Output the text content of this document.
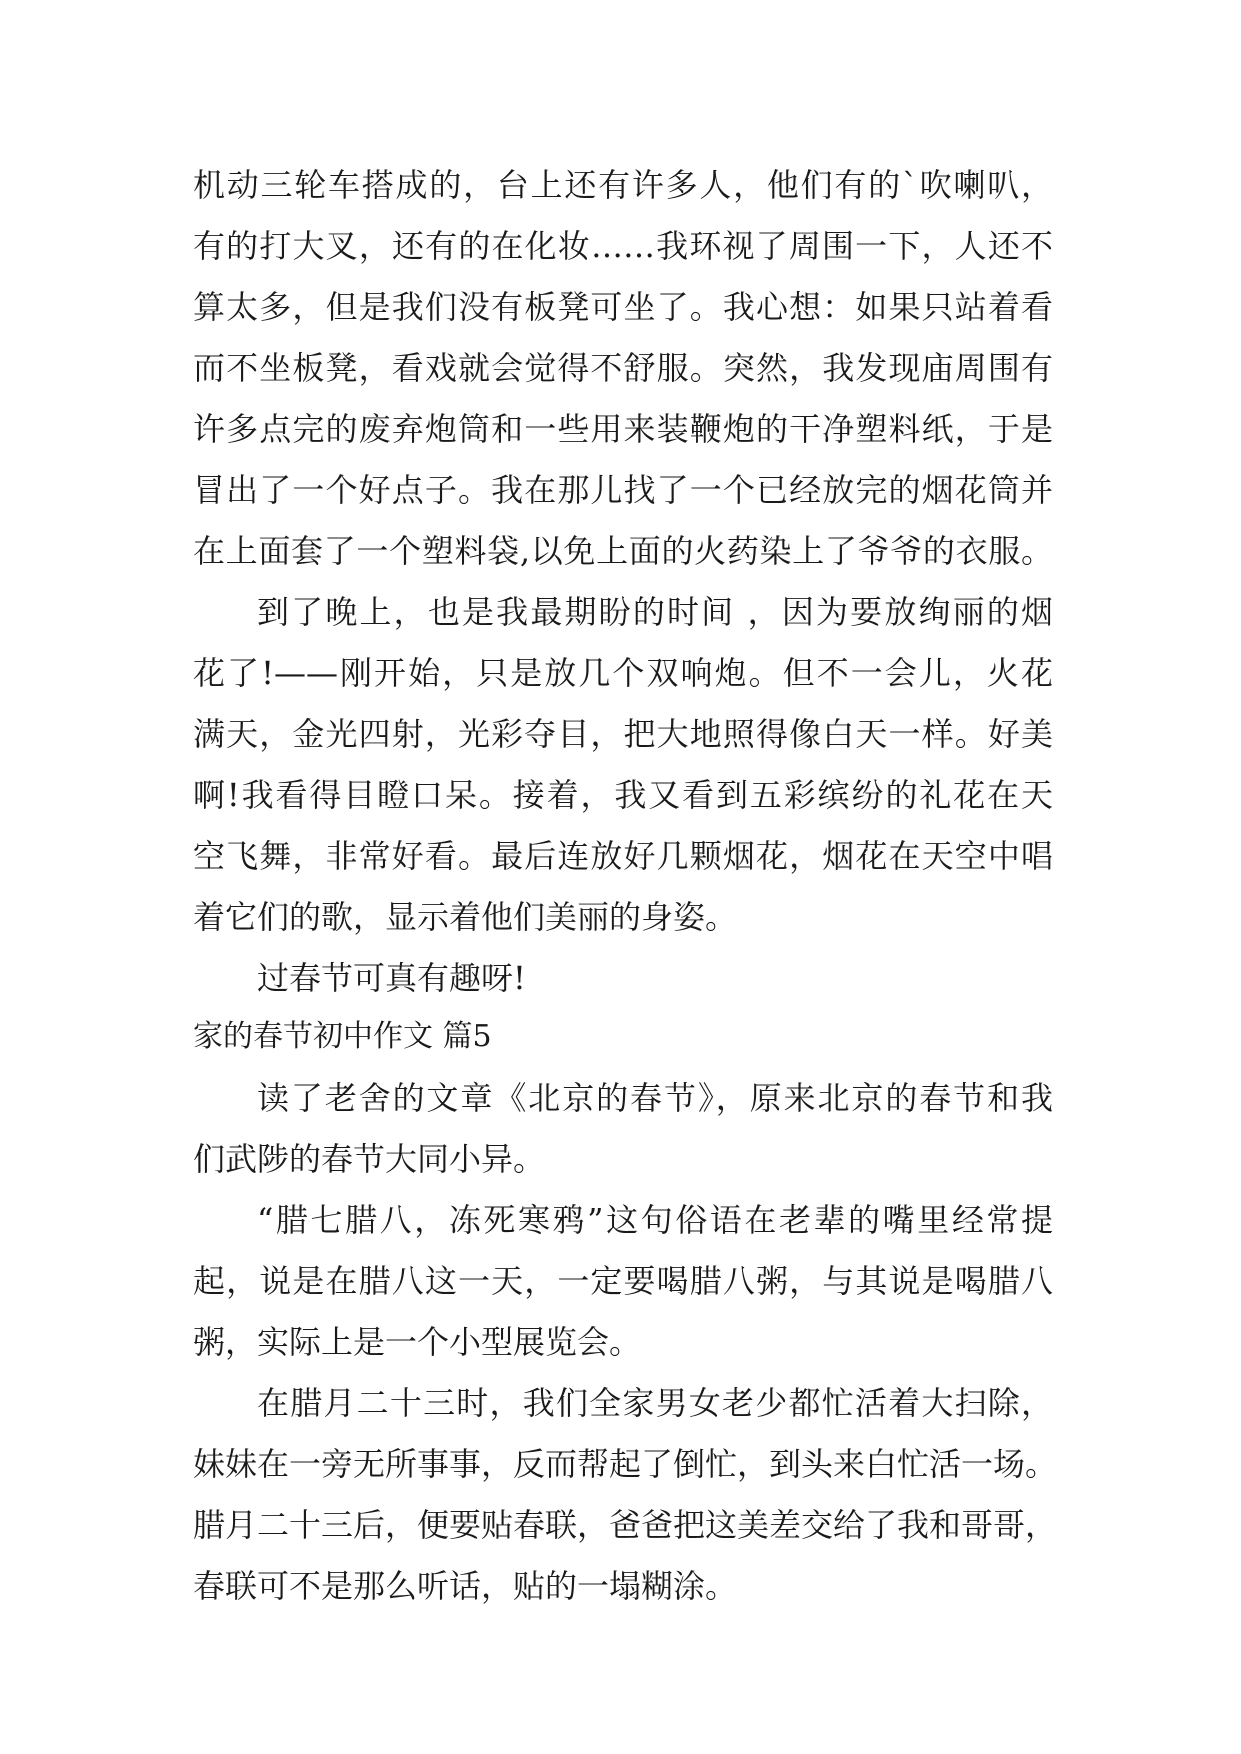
机动三轮车搭成的，台上还有许多人，他们有的`吹喇叭，
有的打大叉，还有的在化妆……我环视了周围一下，人还不
算太多，但是我们没有板凳可坐了。我心想：如果只站着看
而不坐板凳，看戏就会觉得不舒服。突然，我发现庙周围有
许多点完的废弃炮筒和一些用来装鞭炮的干净塑料纸，于是
冒出了一个好点子。我在那儿找了一个已经放完的烟花筒并
在上面套了一个塑料袋,以免上面的火药染上了爷爷的衣服。
到了晚上，也是我最期盼的时间 ，因为要放绚丽的烟
花了!——刚开始，只是放几个双响炮。但不一会儿，火花
满天，金光四射，光彩夺目，把大地照得像白天一样。好美
啊!我看得目瞪口呆。接着，我又看到五彩缤纷的礼花在天
空飞舞，非常好看。最后连放好几颗烟花，烟花在天空中唱
着它们的歌，显示着他们美丽的身姿。
过春节可真有趣呀!
家的春节初中作文 篇5
读了老舍的文章《北京的春节》，原来北京的春节和我
们武陟的春节大同小异。
“腊七腊八，冻死寒鸦”这句俗语在老辈的嘴里经常提
起，说是在腊八这一天，一定要喝腊八粥，与其说是喝腊八
粥，实际上是一个小型展览会。
在腊月二十三时，我们全家男女老少都忙活着大扫除，
妹妹在一旁无所事事，反而帮起了倒忙，到头来白忙活一场。
腊月二十三后，便要贴春联，爸爸把这美差交给了我和哥哥，
春联可不是那么听话，贴的一塌糊涂。
